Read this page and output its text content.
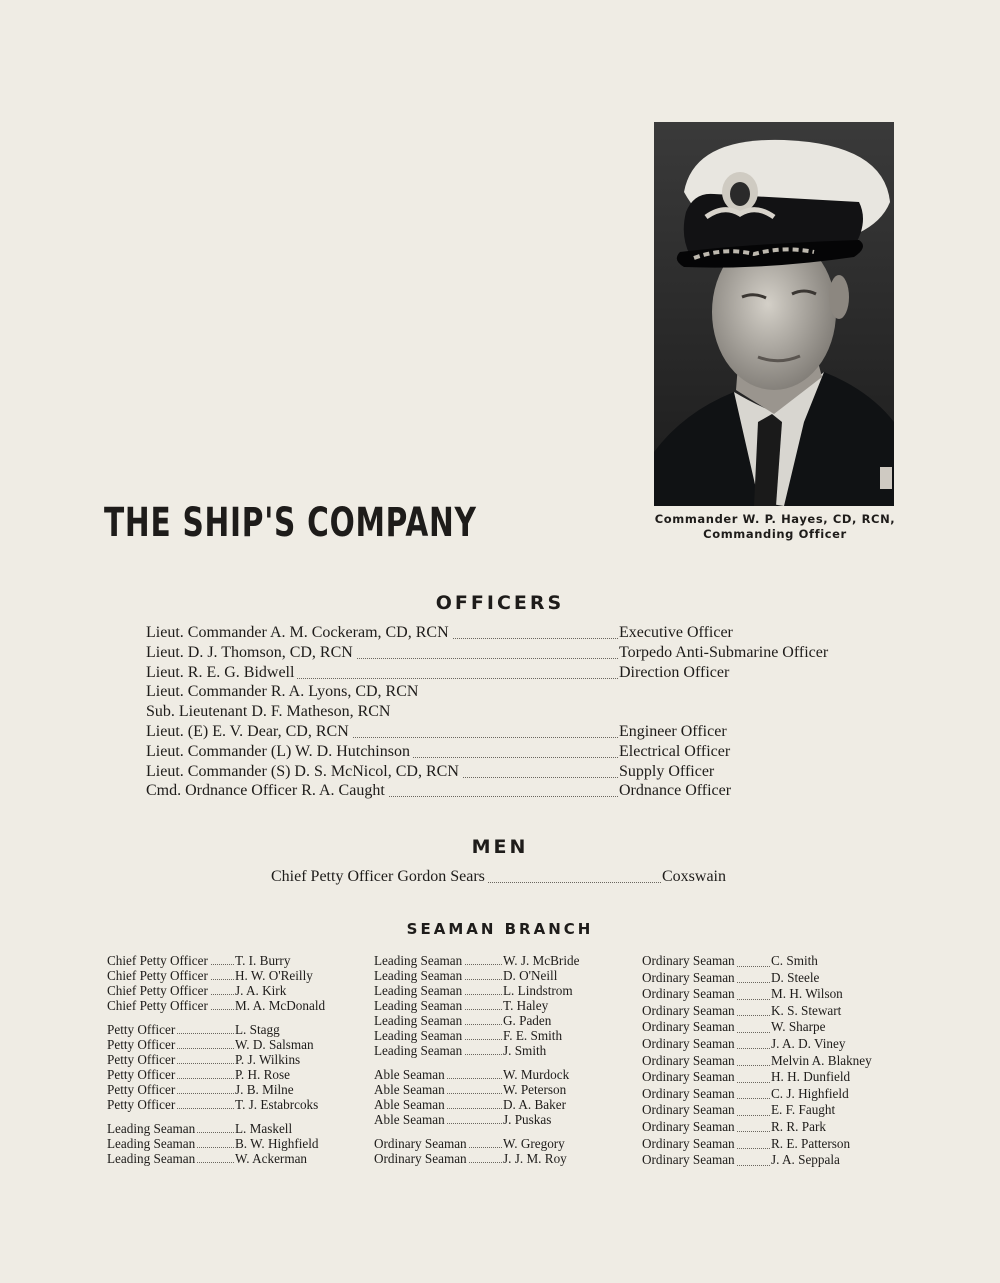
Commander W. P. Hayes, CD, RCN,
Commanding Officer
THE SHIP'S COMPANY
OFFICERS
Lieut. Commander A. M. Cockeram, CD, RCN	Executive Officer
Lieut. D. J. Thomson, CD, RCN	Torpedo Anti-Submarine Officer
Lieut. R. E. G. Bidwell	Direction Officer
Lieut. Commander R. A. Lyons, CD, RCN
Sub. Lieutenant D. F. Matheson, RCN
Lieut. (E) E. V. Dear, CD, RCN	Engineer Officer
Lieut. Commander (L) W. D. Hutchinson	Electrical Officer
Lieut. Commander (S) D. S. McNicol, CD, RCN	Supply Officer
Cmd. Ordnance Officer R. A. Caught	Ordnance Officer
MEN
Chief Petty Officer Gordon Sears	Coxswain
SEAMAN BRANCH
Chief Petty Officer T. I. Burry
Chief Petty Officer H. W. O'Reilly
Chief Petty Officer J. A. Kirk
Chief Petty Officer M. A. McDonald
Petty Officer	L. Stagg
Petty Officer	W. D. Salsman
Petty Officer	P. J. Wilkins
Petty Officer	P. H. Rose
Petty Officer	J. B. Milne
Petty Officer	T. J. Estabrcoks
Leading Seaman	L. Maskell
Leading Seaman	B. W. Highfield
Leading Seaman	W. Ackerman
Leading Seaman	W. J. McBride
Leading Seaman	D. O'Neill
Leading Seaman	L. Lindstrom
Leading Seaman	T. Haley
Leading Seaman	G. Paden
Leading Seaman	F. E. Smith
Leading Seaman	J. Smith
Able Seaman	W. Murdock
Able Seaman	W. Peterson
Able Seaman	D. A. Baker
Able Seaman	J. Puskas
Ordinary Seaman	W. Gregory
Ordinary Seaman	J. J. M. Roy
Ordinary Seaman	C. Smith
Ordinary Seaman	D. Steele
Ordinary Seaman	M. H. Wilson
Ordinary Seaman	K. S. Stewart
Ordinary Seaman	W. Sharpe
Ordinary Seaman	J. A. D. Viney
Ordinary Seaman	Melvin A. Blakney
Ordinary Seaman	H. H. Dunfield
Ordinary Seaman	C. J. Highfield
Ordinary Seaman	E. F. Faught
Ordinary Seaman	R. R. Park
Ordinary Seaman	R. E. Patterson
Ordinary Seaman	J. A. Seppala
